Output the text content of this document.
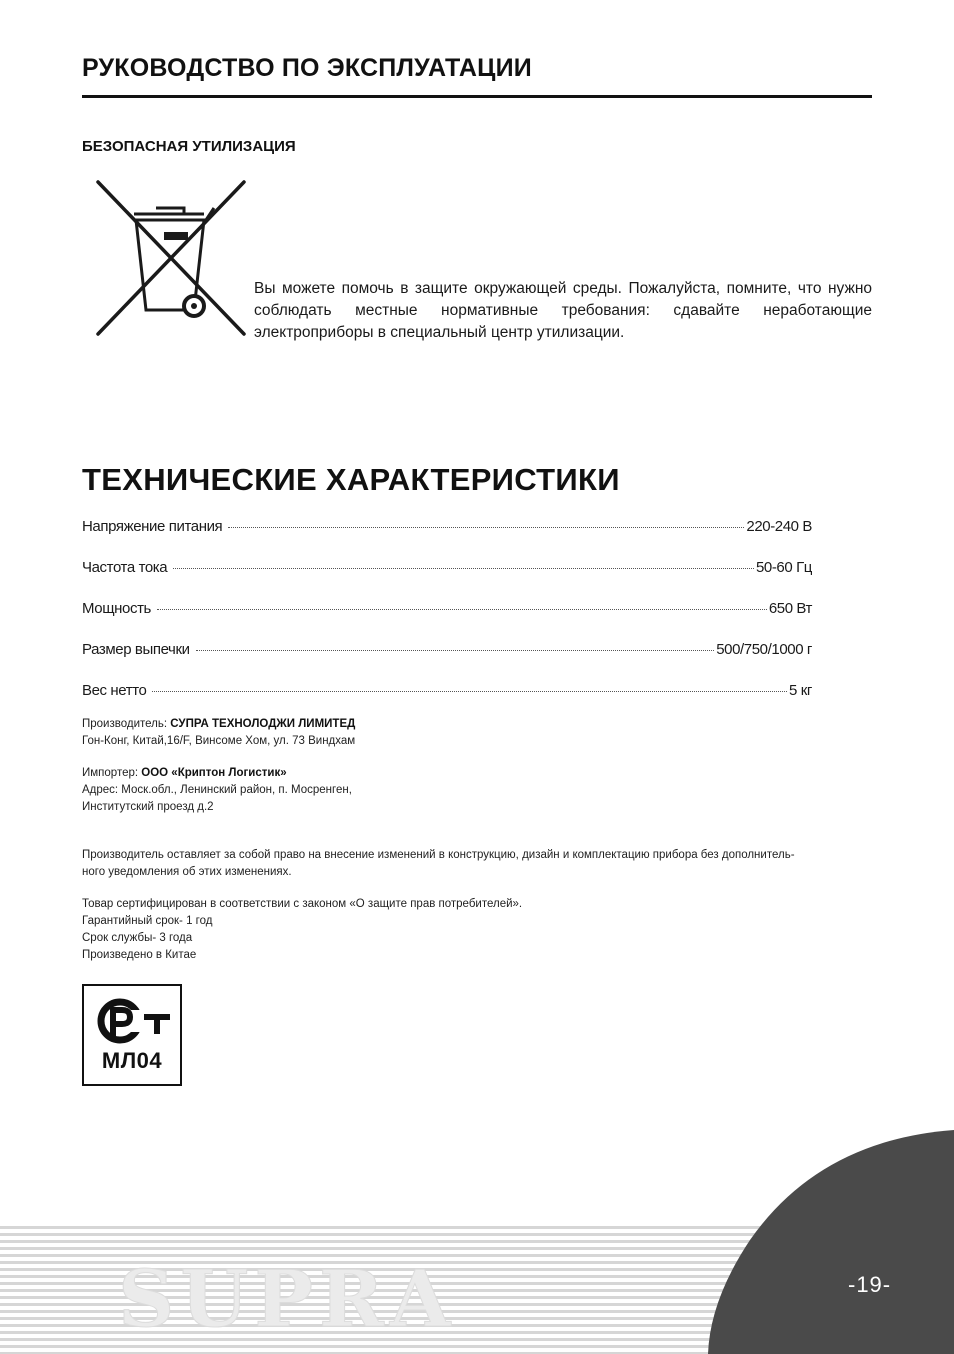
РУКОВОДСТВО ПО ЭКСПЛУАТАЦИИ
БЕЗОПАСНАЯ УТИЛИЗАЦИЯ
Вы можете помочь в защите окружающей среды. Пожалуйста, помните, что нужно соблюдать местные нормативные требования: сдавайте неработающие электроприборы в специальный центр утилизации.
ТЕХНИЧЕСКИЕ ХАРАКТЕРИСТИКИ
Напряжение питания	220-240 В
Частота тока	50-60 Гц
Мощность	650 Вт
Размер выпечки	500/750/1000 г
Вес нетто	5 кг
Производитель: СУПРА ТЕХНОЛОДЖИ ЛИМИТЕД
Гон-Конг, Китай,16/F, Винсоме Хом, ул. 73 Виндхам
Импортер: ООО «Криптон Логистик»
Адрес: Моск.обл., Ленинский район, п. Мосренген,
Институтский проезд д.2
Производитель оставляет за собой право на внесение изменений в конструкцию, дизайн и комплектацию прибора без дополнитель-
ного уведомления об этих изменениях.
Товар сертифицирован в соответствии с законом «О защите прав потребителей».
Гарантийный срок- 1 год
Срок службы- 3 года
Произведено в Китае
МЛ04
SUPRA	-19-
